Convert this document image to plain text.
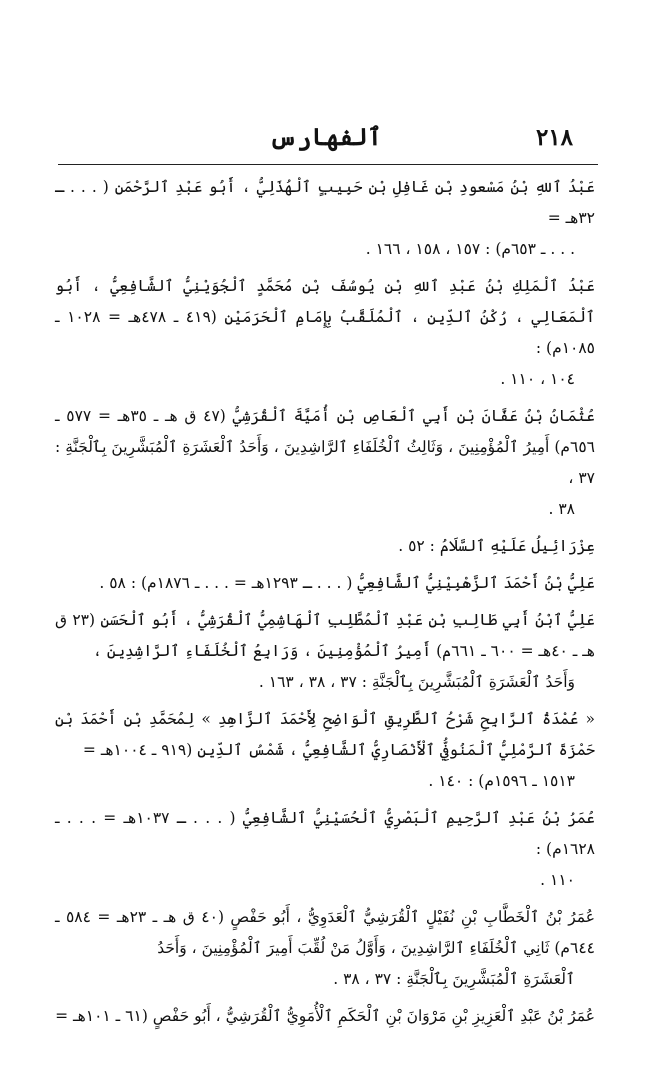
٢١٨
ٱلفهارس

عَبْدُ ٱللهِ بْنُ مَسْعودِ بْنِ غَافِلِ بْنِ حَبِيبٍ ٱلْهُذَلِيُّ ، أَبُو عَبْدِ ٱلرَّحْمَنِ ( . . . ـ ٣٢هـ =
. . . ـ ٦٥٣م) : ١٥٧ ، ١٥٨ ، ١٦٦ .

عَبْدُ ٱلْمَلِكِ بْنُ عَبْدِ ٱللهِ بْنِ يُوسُفَ بْنِ مُحَمَّدٍ ٱلْجُوَيْنِيُّ ٱلشَّافِعِيُّ ، أَبُو ٱلْمَعَالِي ، رُكْنُ ٱلدِّينِ ، ٱلْمُلَقَّبُ بِإِمَامِ ٱلْحَرَمَيْنِ (٤١٩ ـ ٤٧٨هـ = ١٠٢٨ ـ ١٠٨٥م) :
١٠٤ ، ١١٠ .

عُثْمَانُ بْنُ عَفَّانَ بْنِ أَبِي ٱلْعَاصِ بْنِ أُمَيَّةَ ٱلْقُرَشِيُّ (٤٧ ق هـ ـ ٣٥هـ = ٥٧٧ ـ ٦٥٦م) أَمِيرُ ٱلْمُؤْمِنِينَ ، وَثَالِثُ ٱلْخُلَفَاءِ ٱلرَّاشِدِينَ ، وَأَحَدُ ٱلْعَشَرَةِ ٱلْمُبَشَّرِينَ بِٱلْجَنَّةِ : ٣٧ ،
٣٨ .

عِزْرَائِيلُ عَلَيْهِ ٱلسَّلَامُ : ٥٢ .

عَلِيُّ بْنُ أَحْمَدَ ٱلزَّهْبِيْنِيُّ ٱلشَّافِعِيُّ ( . . . ـ ١٢٩٣هـ = . . . ـ ١٨٧٦م) : ٥٨ .

عَلِيُّ ٱبْنُ أَبِي طَالِبِ بْنِ عَبْدِ ٱلْمُطَّلِبِ ٱلْهَاشِمِيُّ ٱلْقُرَشِيُّ ، أَبُو ٱلْحَسَنِ (٢٣ ق هـ ـ ٤٠هـ = ٦٠٠ ـ ٦٦١م) أَمِيرُ ٱلْمُؤْمِنِينَ ، وَرَابِعُ ٱلْخُلَفَاءِ ٱلرَّاشِدِينَ ،
وَأَحَدُ ٱلْعَشَرَةِ ٱلْمُبَشَّرِينَ بِٱلْجَنَّةِ : ٣٧ ، ٣٨ ، ١٦٣ .

« عُمْدَةُ ٱلرَّابِحِ شَرْحُ ٱلطَّرِيقِ ٱلْوَاضِحِ لِأَحْمَدَ ٱلزَّاهِدِ » لِمُحَمَّدِ بْنِ أَحْمَدَ بْنِ حَمْزَةَ ٱلرَّمْلِيُّ ٱلْمَنُوفِيُّ ٱلْأَنْصَارِيُّ ٱلشَّافِعِيُّ ، شَمْسُ ٱلدِّينِ (٩١٩ ـ ١٠٠٤هـ =
١٥١٣ ـ ١٥٩٦م) : ١٤٠ .

عُمَرُ بْنُ عَبْدِ ٱلرَّحِيمِ ٱلْبَصْرِيُّ ٱلْحُسَيْنِيُّ ٱلشَّافِعِيُّ ( . . . ـ ١٠٣٧هـ = . . . ـ ١٦٢٨م) :
١١٠ .

عُمَرُ بْنُ ٱلْخَطَّابِ بْنِ نُفَيْلٍ ٱلْقُرَشِيُّ ٱلْعَدَوِيُّ ، أَبُو حَفْصٍ (٤٠ ق هـ ـ ٢٣هـ = ٥٨٤ ـ ٦٤٤م) ثَانِي ٱلْخُلَفَاءِ ٱلرَّاشِدِينَ ، وَأَوَّلُ مَنْ لُقِّبَ أَمِيرَ ٱلْمُؤْمِنِينَ ، وَأَحَدُ
ٱلْعَشَرَةِ ٱلْمُبَشَّرِينَ بِٱلْجَنَّةِ : ٣٧ ، ٣٨ .

عُمَرُ بْنُ عَبْدِ ٱلْعَزِيزِ بْنِ مَرْوَانَ بْنِ ٱلْحَكَمِ ٱلْأُمَوِيُّ ٱلْقُرَشِيُّ ، أَبُو حَفْصٍ (٦١ ـ ١٠١هـ =
